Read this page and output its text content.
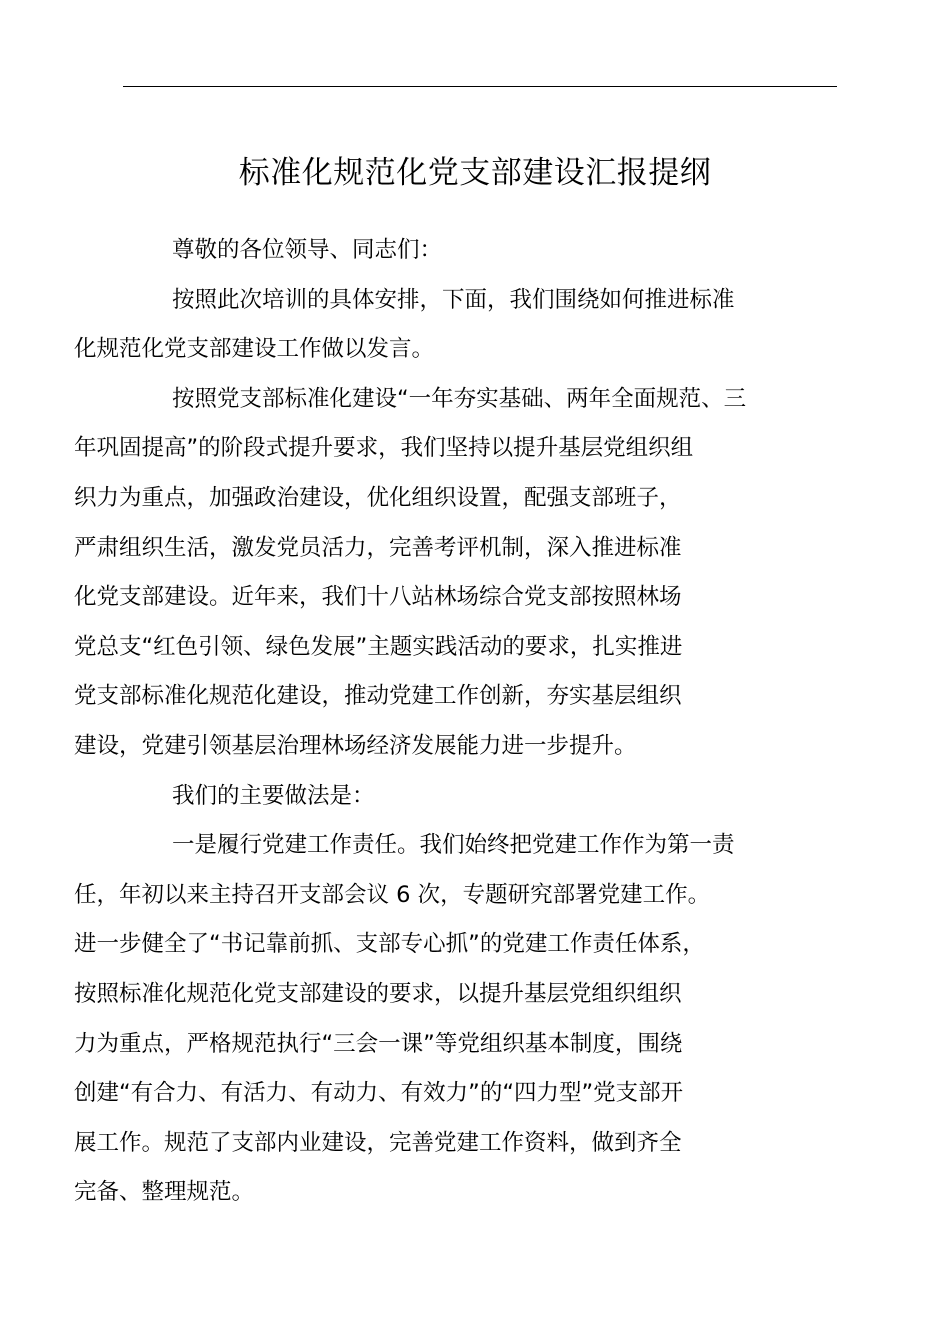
标准化规范化党支部建设汇报提纲

尊敬的各位领导、同志们：

按照此次培训的具体安排，下面，我们围绕如何推进标准
化规范化党支部建设工作做以发言。

按照党支部标准化建设“一年夯实基础、两年全面规范、三
年巩固提高”的阶段式提升要求，我们坚持以提升基层党组织组
织力为重点，加强政治建设，优化组织设置，配强支部班子，
严肃组织生活，激发党员活力，完善考评机制，深入推进标准
化党支部建设。近年来，我们十八站林场综合党支部按照林场
党总支“红色引领、绿色发展”主题实践活动的要求，扎实推进
党支部标准化规范化建设，推动党建工作创新，夯实基层组织
建设，党建引领基层治理林场经济发展能力进一步提升。

我们的主要做法是：

一是履行党建工作责任。我们始终把党建工作作为第一责
任，年初以来主持召开支部会议 6 次，专题研究部署党建工作。
进一步健全了“书记靠前抓、支部专心抓”的党建工作责任体系，
按照标准化规范化党支部建设的要求，以提升基层党组织组织
力为重点，严格规范执行“三会一课”等党组织基本制度，围绕
创建“有合力、有活力、有动力、有效力”的“四力型”党支部开
展工作。规范了支部内业建设，完善党建工作资料，做到齐全
完备、整理规范。
